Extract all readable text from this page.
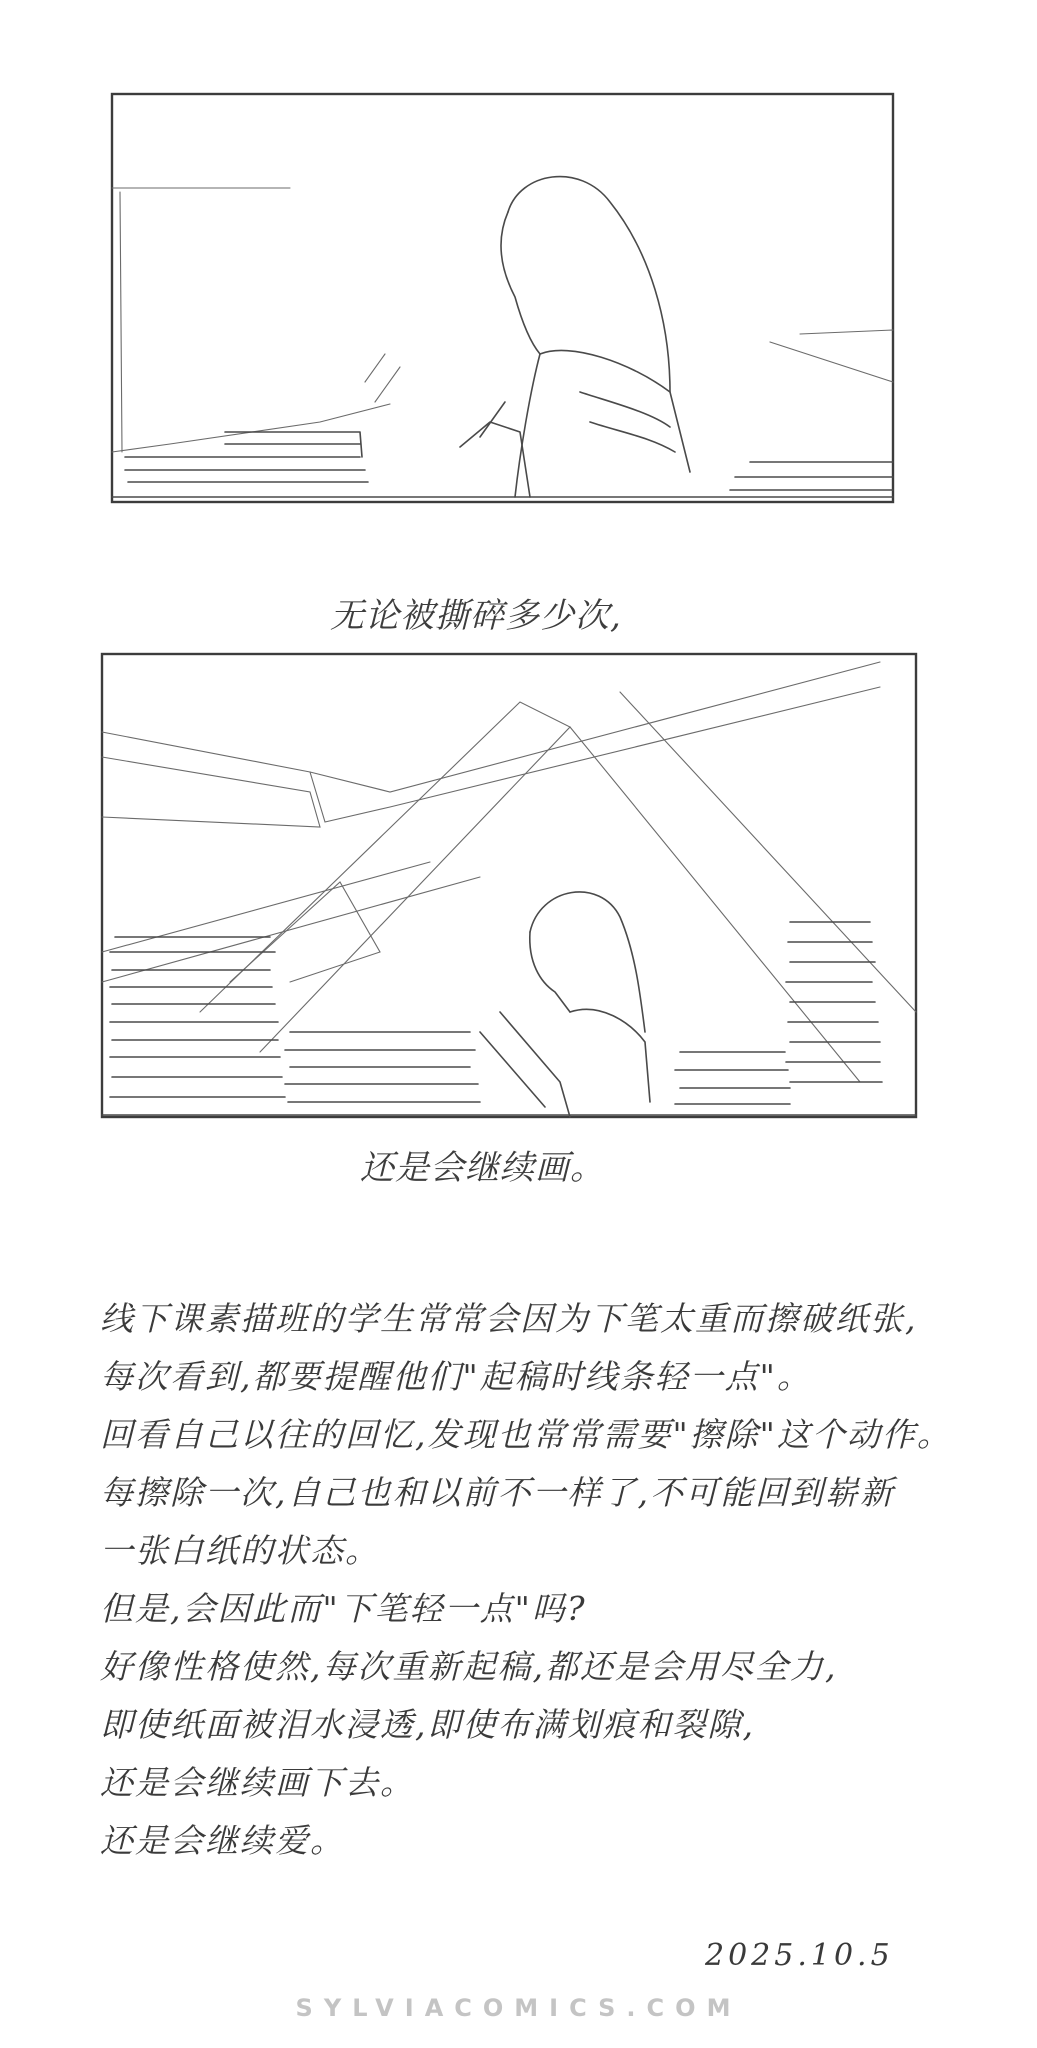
无论被撕碎多少次,
还是会继续画。
线下课素描班的学生常常会因为下笔太重而擦破纸张,
每次看到,都要提醒他们"起稿时线条轻一点"。
回看自己以往的回忆,发现也常常需要"擦除"这个动作。
每擦除一次,自己也和以前不一样了,不可能回到崭新
一张白纸的状态。
但是,会因此而"下笔轻一点"吗?
好像性格使然,每次重新起稿,都还是会用尽全力,
即使纸面被泪水浸透,即使布满划痕和裂隙,
还是会继续画下去。
还是会继续爱。
2025.10.5
SYLVIACOMICS.COM
